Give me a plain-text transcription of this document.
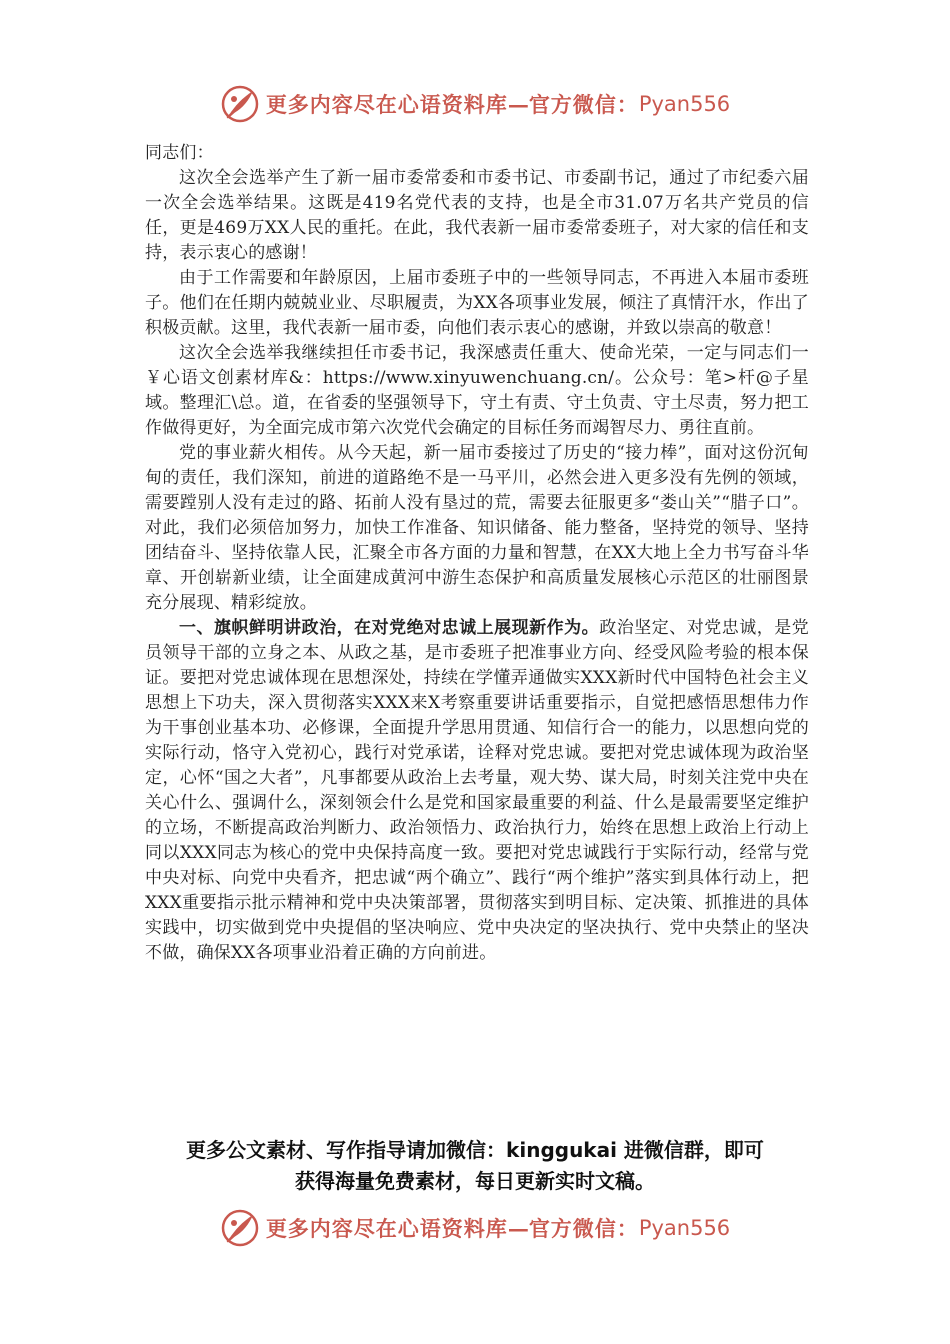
更多内容尽在心语资料库 — 官方微信： Pyan556

同志们：

这次全会选举产生了新一届市委常委和市委书记、市委副书记，通过了市纪委六届一次全会选举结果。这既是419名党代表的支持，也是全市31.07万名共产党员的信任，更是469万XX人民的重托。在此，我代表新一届市委常委班子，对大家的信任和支持，表示衷心的感谢！

由于工作需要和年龄原因，上届市委班子中的一些领导同志，不再进入本届市委班子。他们在任期内兢兢业业、尽职履责，为XX各项事业发展，倾注了真情汗水，作出了积极贡献。这里，我代表新一届市委，向他们表示衷心的感谢，并致以崇高的敬意！

这次全会选举我继续担任市委书记，我深感责任重大、使命光荣，一定与同志们一￥心语文创素材库&：https://www.xinyuwenchuang.cn/。公众号：笔>杆@子星域。整理汇\总。道，在省委的坚强领导下，守土有责、守土负责、守土尽责，努力把工作做得更好，为全面完成市第六次党代会确定的目标任务而竭智尽力、勇往直前。

党的事业薪火相传。从今天起，新一届市委接过了历史的“接力棒”，面对这份沉甸甸的责任，我们深知，前进的道路绝不是一马平川，必然会进入更多没有先例的领域，需要蹚别人没有走过的路、拓前人没有垦过的荒，需要去征服更多“娄山关”“腊子口”。对此，我们必须倍加努力，加快工作准备、知识储备、能力整备，坚持党的领导、坚持团结奋斗、坚持依靠人民，汇聚全市各方面的力量和智慧，在XX大地上全力书写奋斗华章、开创崭新业绩，让全面建成黄河中游生态保护和高质量发展核心示范区的壮丽图景充分展现、精彩绽放。

一、旗帜鲜明讲政治，在对党绝对忠诚上展现新作为。政治坚定、对党忠诚，是党员领导干部的立身之本、从政之基，是市委班子把准事业方向、经受风险考验的根本保证。要把对党忠诚体现在思想深处，持续在学懂弄通做实XXX新时代中国特色社会主义思想上下功夫，深入贯彻落实XXX来X考察重要讲话重要指示，自觉把感悟思想伟力作为干事创业基本功、必修课，全面提升学思用贯通、知信行合一的能力，以思想向党的实际行动，恪守入党初心，践行对党承诺，诠释对党忠诚。要把对党忠诚体现为政治坚定，心怀“国之大者”，凡事都要从政治上去考量，观大势、谋大局，时刻关注党中央在关心什么、强调什么，深刻领会什么是党和国家最重要的利益、什么是最需要坚定维护的立场，不断提高政治判断力、政治领悟力、政治执行力，始终在思想上政治上行动上同以XXX同志为核心的党中央保持高度一致。要把对党忠诚践行于实际行动，经常与党中央对标、向党中央看齐，把忠诚“两个确立”、践行“两个维护”落实到具体行动上，把XXX重要指示批示精神和党中央决策部署，贯彻落实到明目标、定决策、抓推进的具体实践中，切实做到党中央提倡的坚决响应、党中央决定的坚决执行、党中央禁止的坚决不做，确保XX各项事业沿着正确的方向前进。

更多公文素材、写作指导请加微信：kinggukai 进微信群，即可
获得海量免费素材，每日更新实时文稿。
更多内容尽在心语资料库 — 官方微信： Pyan556
